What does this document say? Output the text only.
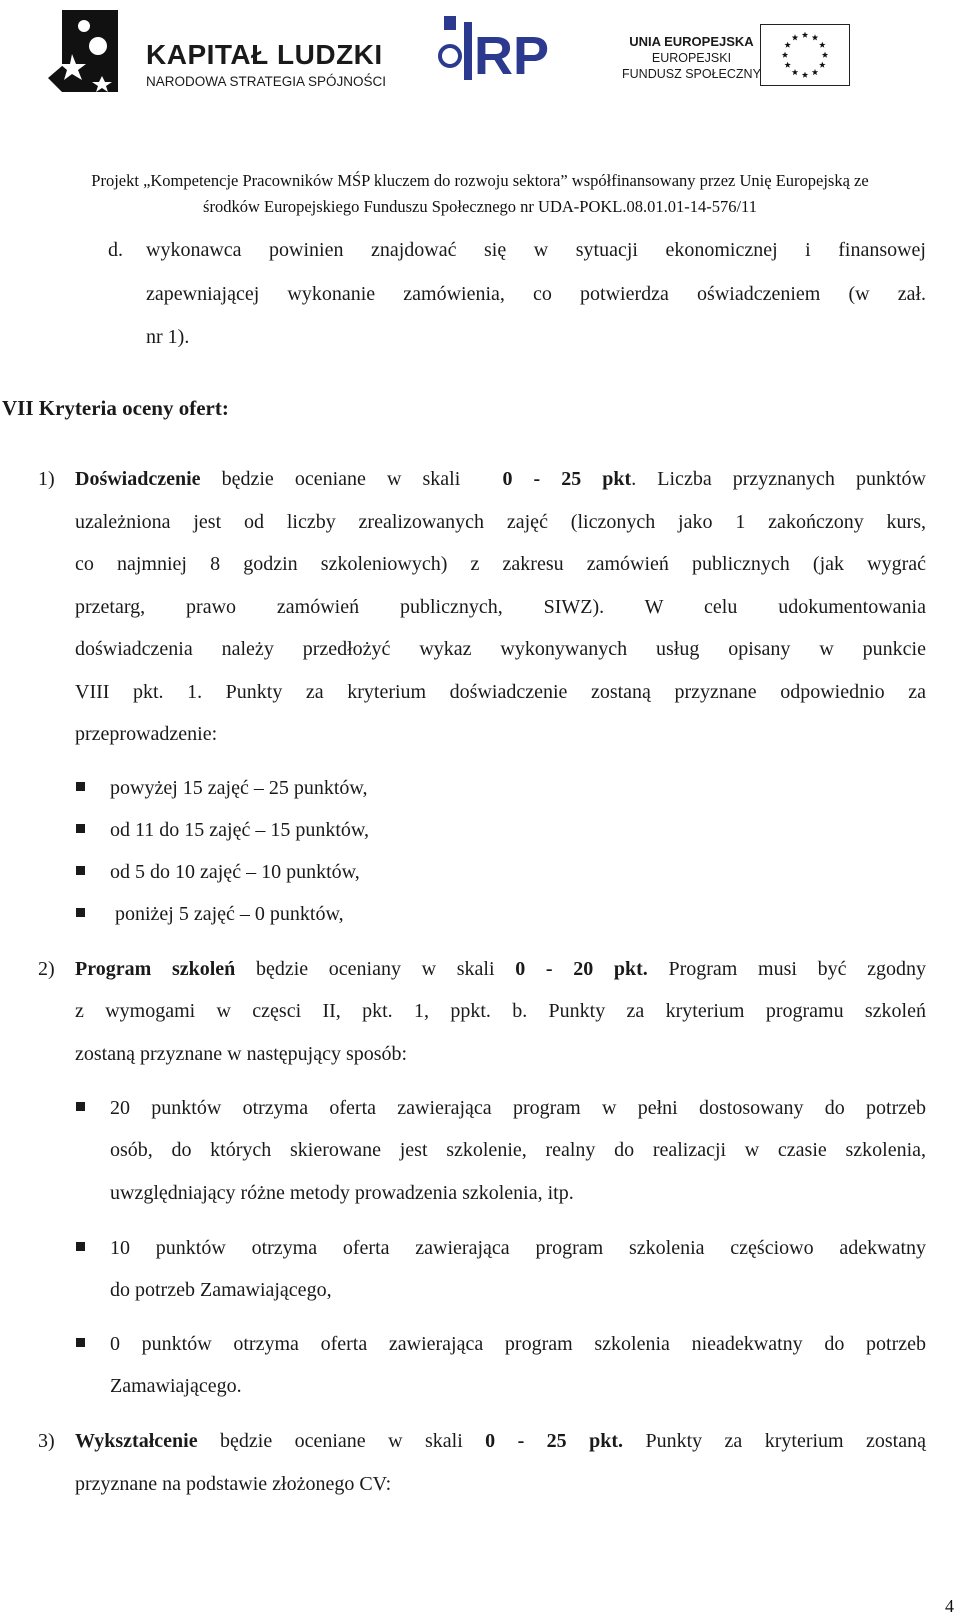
KAPITAŁ LUDZKI
NARODOWA STRATEGIA SPÓJNOŚCI RP	UNIA EUROPEJSKA
EUROPEJSKI
FUNDUSZ SPOŁECZNY
Projekt „Kompetencje Pracowników MŚP kluczem do rozwoju sektora” współfinansowany przez Unię Europejską ze
środków Europejskiego Funduszu Społecznego nr UDA-POKL.08.01.01-14-576/11
d. wykonawca powinien znajdować się w sytuacji ekonomicznej i finansowej
zapewniającej wykonanie zamówienia, co potwierdza oświadczeniem (w zał.
nr 1).
VII Kryteria oceny ofert:
1) Doświadczenie będzie oceniane w skali  0 - 25 pkt. Liczba przyznanych punktów
uzależniona jest od liczby zrealizowanych zajęć (liczonych jako 1 zakończony kurs,
co najmniej 8 godzin szkoleniowych) z zakresu zamówień publicznych (jak wygrać
przetarg, prawo zamówień publicznych, SIWZ). W celu udokumentowania
doświadczenia należy przedłożyć wykaz wykonywanych usług opisany w punkcie
VIII pkt. 1. Punkty za kryterium doświadczenie zostaną przyznane odpowiednio za
przeprowadzenie:
powyżej 15 zajęć – 25 punktów,
od 11 do 15 zajęć – 15 punktów,
od 5 do 10 zajęć – 10 punktów,
poniżej 5 zajęć – 0 punktów,
2) Program szkoleń będzie oceniany w skali 0 - 20 pkt. Program musi być zgodny
z wymogami w częsci II, pkt. 1, ppkt. b. Punkty za kryterium programu szkoleń
zostaną przyznane w następujący sposób:
20 punktów otrzyma oferta zawierająca program w pełni dostosowany do potrzeb
osób, do których skierowane jest szkolenie, realny do realizacji w czasie szkolenia,
uwzględniający różne metody prowadzenia szkolenia, itp.
10 punktów otrzyma oferta zawierająca program szkolenia częściowo adekwatny
do potrzeb Zamawiającego,
0 punktów otrzyma oferta zawierająca program szkolenia nieadekwatny do potrzeb
Zamawiającego.
3) Wykształcenie będzie oceniane w skali 0 - 25 pkt. Punkty za kryterium zostaną
przyznane na podstawie złożonego CV:
4
